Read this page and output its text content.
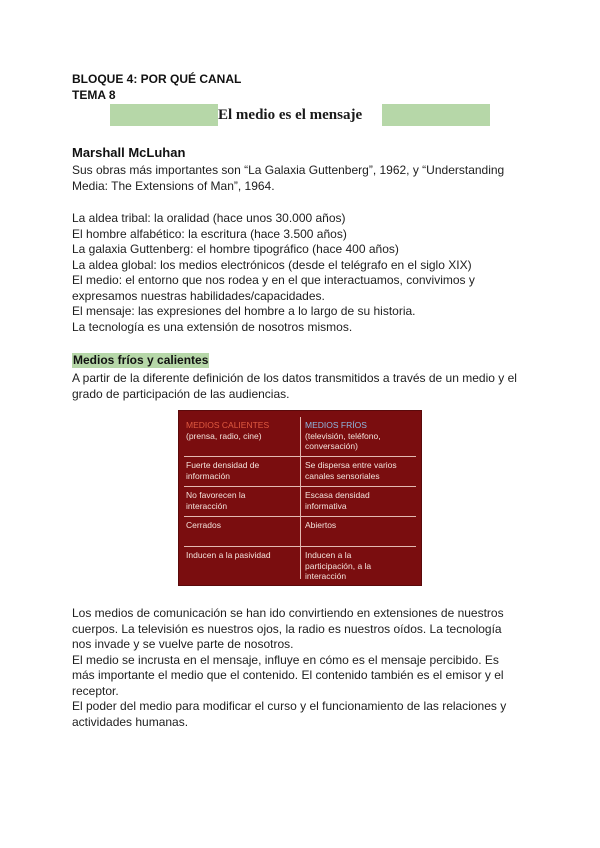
BLOQUE 4: POR QUÉ CANAL
TEMA 8
El medio es el mensaje
Marshall McLuhan
Sus obras más importantes son “La Galaxia Guttenberg”, 1962, y “Understanding
Media: The Extensions of Man”, 1964.
La aldea tribal: la oralidad (hace unos 30.000 años)
El hombre alfabético: la escritura (hace 3.500 años)
La galaxia Guttenberg: el hombre tipográfico (hace 400 años)
La aldea global: los medios electrónicos (desde el telégrafo en el siglo XIX)
El medio: el entorno que nos rodea y en el que interactuamos, convivimos y
expresamos nuestras habilidades/capacidades.
El mensaje: las expresiones del hombre a lo largo de su historia.
La tecnología es una extensión de nosotros mismos.
Medios fríos y calientes
A partir de la diferente definición de los datos transmitidos a través de un medio y el
grado de participación de las audiencias.
MEDIOS CALIENTES
(prensa, radio, cine)
MEDIOS FRÍOS
(televisión, teléfono,
conversación)
Fuerte densidad de
información
Se dispersa entre varios
canales sensoriales
No favorecen la
interacción
Escasa densidad
informativa
Cerrados	Abiertos
Inducen a la pasividad	Inducen a la
participación, a la
interacción
Los medios de comunicación se han ido convirtiendo en extensiones de nuestros
cuerpos. La televisión es nuestros ojos, la radio es nuestros oídos. La tecnología
nos invade y se vuelve parte de nosotros.
El medio se incrusta en el mensaje, influye en cómo es el mensaje percibido. Es
más importante el medio que el contenido. El contenido también es el emisor y el
receptor.
El poder del medio para modificar el curso y el funcionamiento de las relaciones y
actividades humanas.
